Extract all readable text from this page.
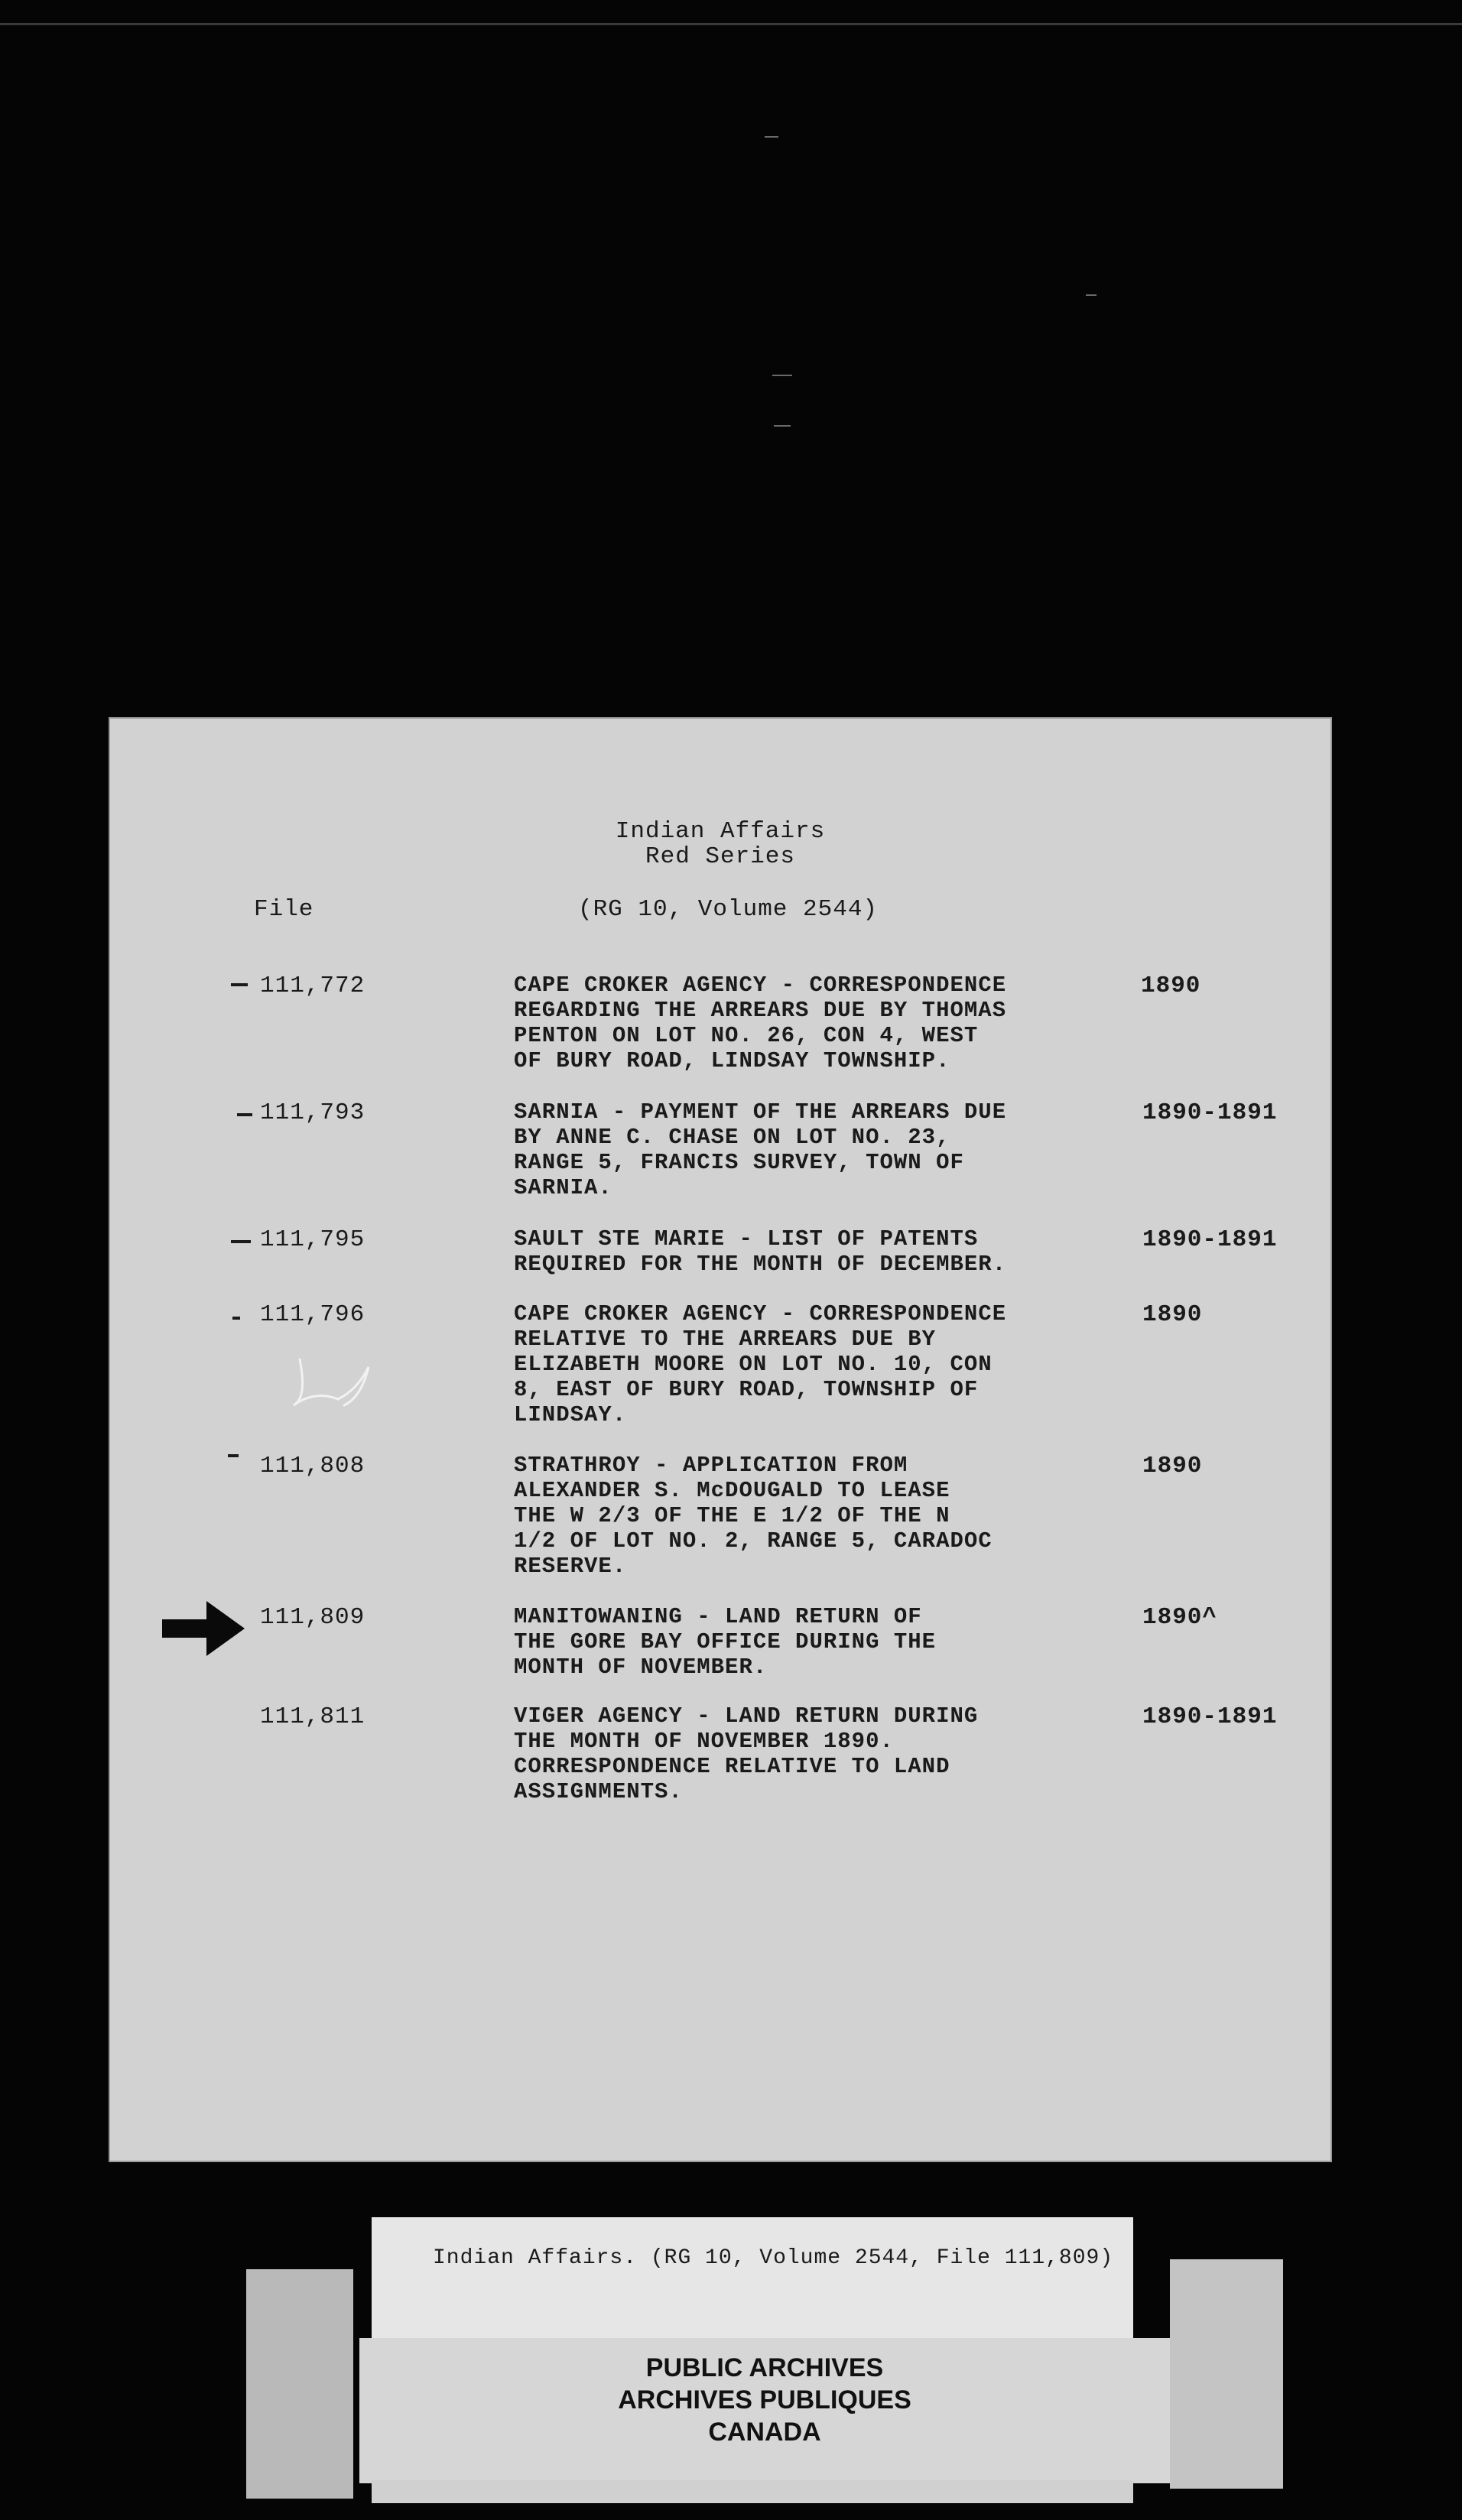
Indian Affairs
Red Series
File	(RG 10, Volume 2544)
111,772	CAPE CROKER AGENCY - CORRESPONDENCE
REGARDING THE ARREARS DUE BY THOMAS
PENTON ON LOT NO. 26, CON 4, WEST
OF BURY ROAD, LINDSAY TOWNSHIP.
1890
111,793	SARNIA - PAYMENT OF THE ARREARS DUE
BY ANNE C. CHASE ON LOT NO. 23,
RANGE 5, FRANCIS SURVEY, TOWN OF
SARNIA.
1890-1891
111,795	SAULT STE MARIE - LIST OF PATENTS
REQUIRED FOR THE MONTH OF DECEMBER.
1890-1891
111,796	CAPE CROKER AGENCY - CORRESPONDENCE
RELATIVE TO THE ARREARS DUE BY
ELIZABETH MOORE ON LOT NO. 10, CON
8, EAST OF BURY ROAD, TOWNSHIP OF
LINDSAY.
1890
111,808	STRATHROY - APPLICATION FROM
ALEXANDER S. McDOUGALD TO LEASE
THE W 2/3 OF THE E 1/2 OF THE N
1/2 OF LOT NO. 2, RANGE 5, CARADOC
RESERVE.
1890
111,809	MANITOWANING - LAND RETURN OF
THE GORE BAY OFFICE DURING THE
MONTH OF NOVEMBER.
1890^
111,811	VIGER AGENCY - LAND RETURN DURING
THE MONTH OF NOVEMBER 1890.
CORRESPONDENCE RELATIVE TO LAND
ASSIGNMENTS.
1890-1891
Indian Affairs. (RG 10, Volume 2544, File 111,809)
PUBLIC ARCHIVES
ARCHIVES PUBLIQUES
CANADA
